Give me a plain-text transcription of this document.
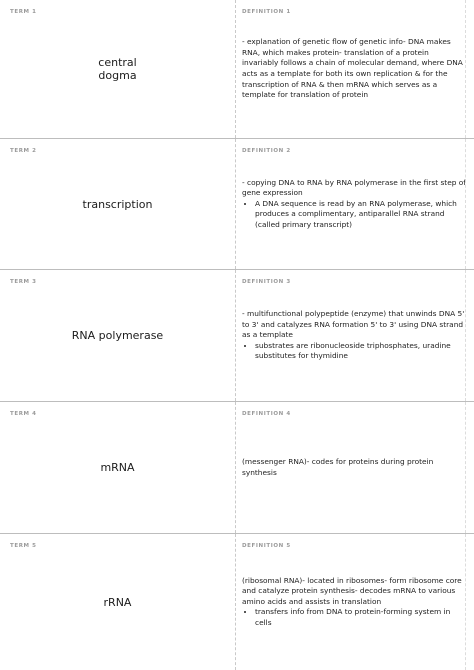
TERM 1
central
dogma
DEFINITION 1

- explanation of genetic flow of genetic info- DNA makes RNA, which makes protein- translation of a protein invariably follows a chain of molecular demand, where DNA acts as a template for both its own replication & for the transcription of RNA & then mRNA which serves as a template for translation of protein

TERM 2
transcription
DEFINITION 2

- copying DNA to RNA by RNA polymerase in the first step of gene expression

• A DNA sequence is read by an RNA polymerase, which produces a complimentary, antiparallel RNA strand (called primary transcript)
TERM 3
RNA polymerase
DEFINITION 3

- multifunctional polypeptide (enzyme) that unwinds DNA 5' to 3' and catalyzes RNA formation 5' to 3' using DNA strand as a template

• substrates are ribonucleoside triphosphates, uradine substitutes for thymidine
TERM 4
mRNA
DEFINITION 4

(messenger RNA)- codes for proteins during protein synthesis

TERM 5
rRNA
DEFINITION 5

(ribosomal RNA)- located in ribosomes- form ribosome core and catalyze protein synthesis- decodes mRNA to various amino acids and assists in translation

• transfers info from DNA to protein-forming system in cells
